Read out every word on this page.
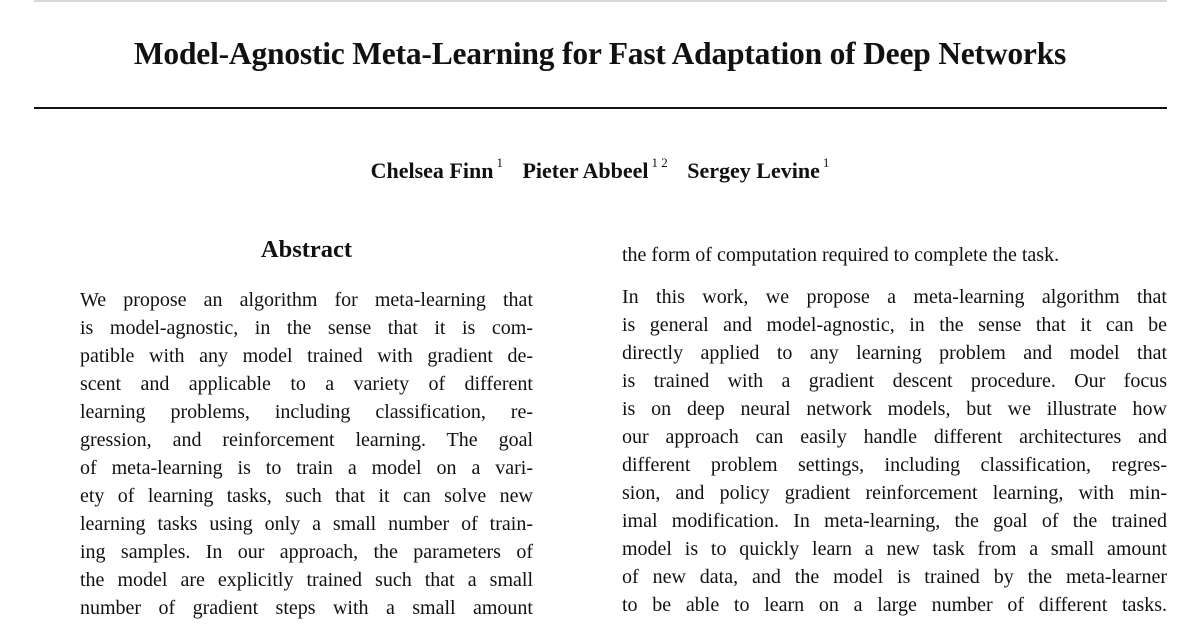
Model-Agnostic Meta-Learning for Fast Adaptation of Deep Networks
Chelsea Finn $^1$ Pieter Abbeel $^{1 2}$ Sergey Levine $^1$
Abstract
We propose an algorithm for meta-learning that
is model-agnostic, in the sense that it is com-
patible with any model trained with gradient de-
scent and applicable to a variety of different
learning problems, including classification, re-
gression, and reinforcement learning. The goal
of meta-learning is to train a model on a vari-
ety of learning tasks, such that it can solve new
learning tasks using only a small number of train-
ing samples. In our approach, the parameters of
the model are explicitly trained such that a small
number of gradient steps with a small amount
the form of computation required to complete the task.
In this work, we propose a meta-learning algorithm that
is general and model-agnostic, in the sense that it can be
directly applied to any learning problem and model that
is trained with a gradient descent procedure. Our focus
is on deep neural network models, but we illustrate how
our approach can easily handle different architectures and
different problem settings, including classification, regres-
sion, and policy gradient reinforcement learning, with min-
imal modification. In meta-learning, the goal of the trained
model is to quickly learn a new task from a small amount
of new data, and the model is trained by the meta-learner
to be able to learn on a large number of different tasks.
